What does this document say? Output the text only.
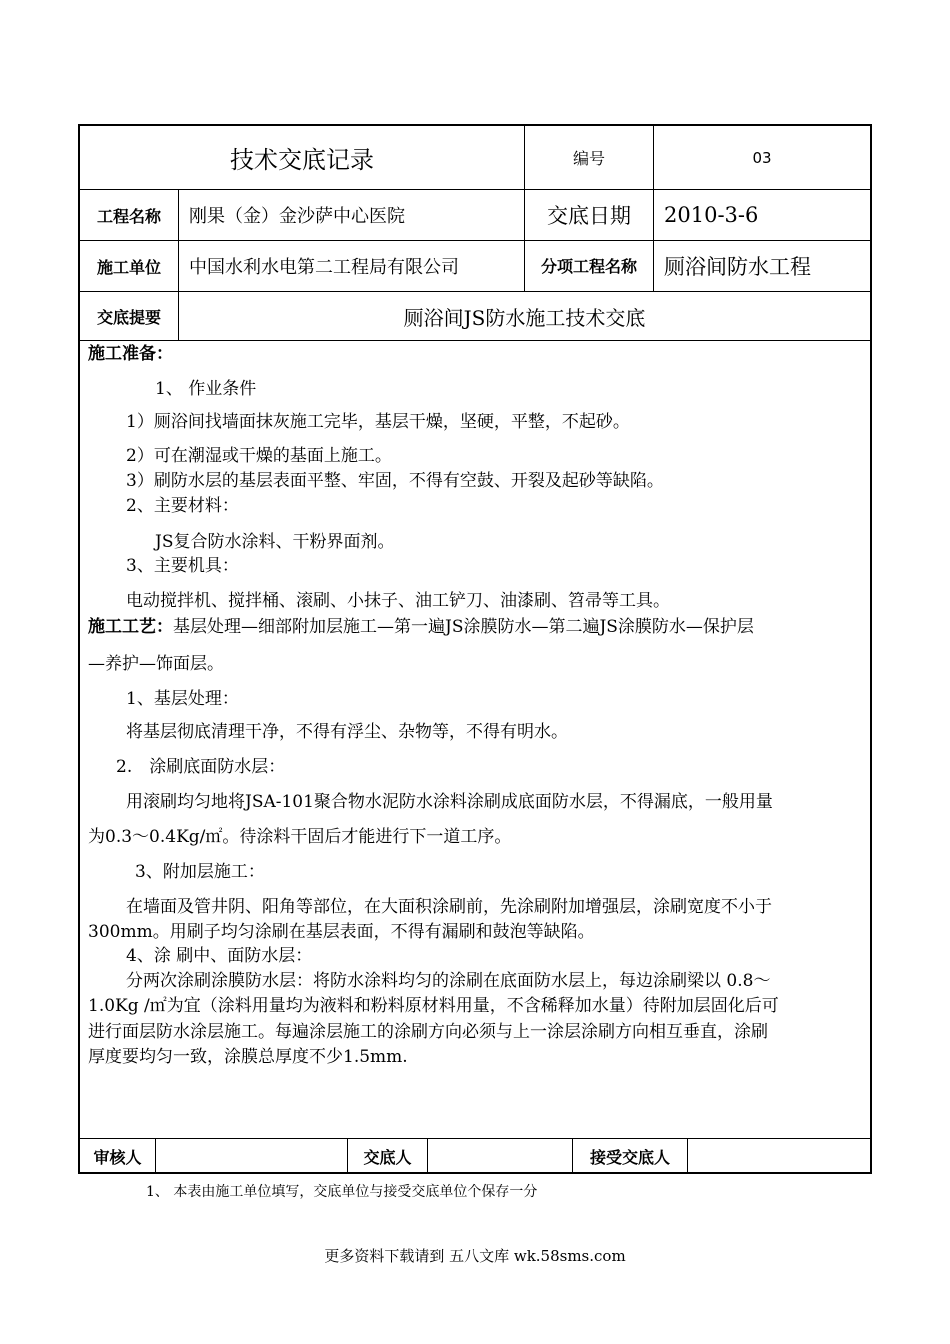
技术交底记录	编号	03
工程名称	刚果（金）金沙萨中心医院	交底日期	2010-3-6
施工单位	中国水利水电第二工程局有限公司	分项工程名称	厕浴间防水工程
交底提要	厕浴间JS防水施工技术交底
审核人	交底人	接受交底人
施工准备：
1、 作业条件
1）厕浴间找墙面抹灰施工完毕，基层干燥，坚硬，平整，不起砂。
2）可在潮湿或干燥的基面上施工。
3）刷防水层的基层表面平整、牢固，不得有空鼓、开裂及起砂等缺陷。
2、主要材料：
JS复合防水涂料、干粉界面剂。
3、主要机具：
电动搅拌机、搅拌桶、滚刷、小抹子、油工铲刀、油漆刷、笤帚等工具。
施工工艺：基层处理—细部附加层施工—第一遍JS涂膜防水—第二遍JS涂膜防水—保护层
—养护—饰面层。
1、基层处理：
将基层彻底清理干净，不得有浮尘、杂物等，不得有明水。
2.　涂刷底面防水层：
用滚刷均匀地将JSA-101聚合物水泥防水涂料涂刷成底面防水层，不得漏底，一般用量
为0.3～0.4Kg/㎡。待涂料干固后才能进行下一道工序。
3、附加层施工：
在墙面及管井阴、阳角等部位，在大面积涂刷前，先涂刷附加增强层，涂刷宽度不小于
300mm。用刷子均匀涂刷在基层表面，不得有漏刷和鼓泡等缺陷。
4、涂 刷中、面防水层：
分两次涂刷涂膜防水层：将防水涂料均匀的涂刷在底面防水层上，每边涂刷梁以 0.8～
1.0Kg /㎡为宜（涂料用量均为液料和粉料原材料用量，不含稀释加水量）待附加层固化后可
进行面层防水涂层施工。每遍涂层施工的涂刷方向必须与上一涂层涂刷方向相互垂直，涂刷
厚度要均匀一致，涂膜总厚度不少1.5mm.
1、 本表由施工单位填写，交底单位与接受交底单位个保存一分
更多资料下载请到 五八文库 wk.58sms.com
